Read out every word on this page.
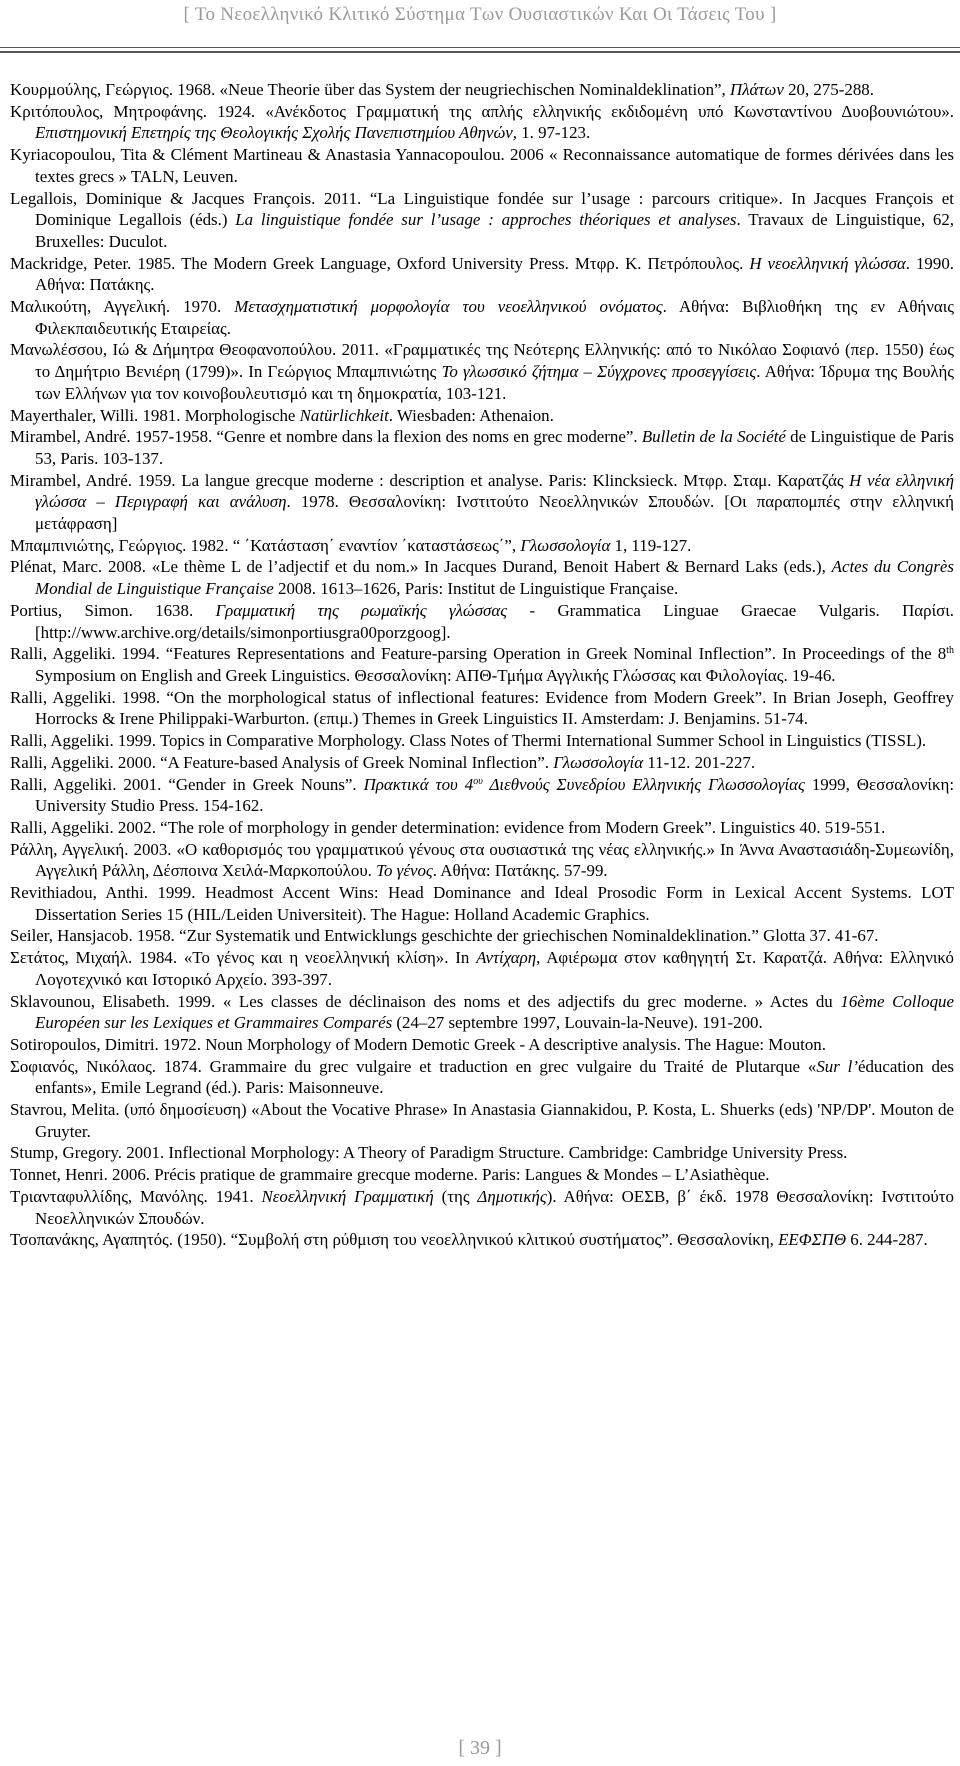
[ Το Νεοελληνικό Κλιτικό Σύστημα Των Ουσιαστικών Και Οι Τάσεις Του ]

Κουρμούλης, Γεώργιος. 1968. «Neue Theorie über das System der neugriechischen Nominaldeklination”, Πλάτων 20, 275-288.

Κριτόπουλος, Μητροφάνης. 1924. «Ανέκδοτος Γραμματική της απλής ελληνικής εκδιδομένη υπό Κωνσταντίνου Δυοβουνιώτου». Επιστημονική Επετηρίς της Θεολογικής Σχολής Πανεπιστημίου Αθηνών, 1. 97-123.

Kyriacopoulou, Tita & Clément Martineau & Anastasia Yannacopoulou. 2006 « Reconnaissance automatique de formes dérivées dans les textes grecs » TALN, Leuven.

Legallois, Dominique & Jacques François. 2011. “La Linguistique fondée sur l’usage : parcours critique». In Jacques François et Dominique Legallois (éds.) La linguistique fondée sur l’usage : approches théoriques et analyses. Travaux de Linguistique, 62, Bruxelles: Duculot.

Mackridge, Peter. 1985. The Modern Greek Language, Oxford University Press. Μτφρ. Κ. Πετρόπουλος. Η νεοελληνική γλώσσα. 1990. Αθήνα: Πατάκης.

Μαλικούτη, Αγγελική. 1970. Μετασχηματιστική μορφολογία του νεοελληνικού ονόματος. Αθήνα: Βιβλιοθήκη της εν Αθήναις Φιλεκπαιδευτικής Εταιρείας.

Μανωλέσσου, Ιώ & Δήμητρα Θεοφανοπούλου. 2011. «Γραμματικές της Νεότερης Ελληνικής: από το Νικόλαο Σοφιανό (περ. 1550) έως το Δημήτριο Βενιέρη (1799)». In Γεώργιος Μπαμπινιώτης Το γλωσσικό ζήτημα – Σύγχρονες προσεγγίσεις. Αθήνα: Ίδρυμα της Βουλής των Ελλήνων για τον κοινοβουλευτισμό και τη δημοκρατία, 103-121.

Mayerthaler, Willi. 1981. Morphologische Natürlichkeit. Wiesbaden: Athenaion.

Mirambel, André. 1957-1958. “Genre et nombre dans la flexion des noms en grec moderne”. Bulletin de la Société de Linguistique de Paris 53, Paris. 103-137.

Mirambel, André. 1959. La langue grecque moderne : description et analyse. Paris: Klincksieck. Μτφρ. Σταμ. Καρατζάς Η νέα ελληνική γλώσσα – Περιγραφή και ανάλυση. 1978. Θεσσαλονίκη: Ινστιτούτο Νεοελληνικών Σπουδών. [Οι παραπομπές στην ελληνική μετάφραση]

Μπαμπινιώτης, Γεώργιος. 1982. “ ΄Κατάσταση΄ εναντίον ΄καταστάσεως΄”, Γλωσσολογία 1, 119-127.

Plénat, Marc. 2008. «Le thème L de l’adjectif et du nom.» In Jacques Durand, Benoit Habert & Bernard Laks (eds.), Actes du Congrès Mondial de Linguistique Française 2008. 1613–1626, Paris: Institut de Linguistique Française.

Portius, Simon. 1638. Γραμματική της ρωμαϊκής γλώσσας - Grammatica Linguae Graecae Vulgaris. Παρίσι. [http://www.archive.org/details/simonportiusgra00porzgoog].

Ralli, Aggeliki. 1994. “Features Representations and Feature-parsing Operation in Greek Nominal Inflection”. In Proceedings of the 8th Symposium on English and Greek Linguistics. Θεσσαλονίκη: ΑΠΘ-Τμήμα Αγγλικής Γλώσσας και Φιλολογίας. 19-46.

Ralli, Aggeliki. 1998. “On the morphological status of inflectional features: Evidence from Modern Greek”. In Brian Joseph, Geoffrey Horrocks & Irene Philippaki-Warburton. (επιμ.) Themes in Greek Linguistics II. Amsterdam: J. Benjamins. 51-74.

Ralli, Aggeliki. 1999. Topics in Comparative Morphology. Class Notes of Thermi International Summer School in Linguistics (TISSL).

Ralli, Aggeliki. 2000. “A Feature-based Analysis of Greek Nominal Inflection”. Γλωσσολογία 11-12. 201-227.

Ralli, Aggeliki. 2001. “Gender in Greek Nouns”. Πρακτικά του $4^{o\upsilon}$ Διεθνούς Συνεδρίου Ελληνικής Γλωσσολογίας 1999, Θεσσαλονίκη: University Studio Press. 154-162.

Ralli, Aggeliki. 2002. “The role of morphology in gender determination: evidence from Modern Greek”. Linguistics 40. 519-551.

Ράλλη, Αγγελική. 2003. «Ο καθορισμός του γραμματικού γένους στα ουσιαστικά της νέας ελληνικής.» In Άννα Αναστασιάδη-Συμεωνίδη, Αγγελική Ράλλη, Δέσποινα Χειλά-Μαρκοπούλου. Το γένος. Αθήνα: Πατάκης. 57-99.

Revithiadou, Anthi. 1999. Headmost Accent Wins: Head Dominance and Ideal Prosodic Form in Lexical Accent Systems. LOT Dissertation Series 15 (HIL/Leiden Universiteit). The Hague: Holland Academic Graphics.

Seiler, Hansjacob. 1958. “Zur Systematik und Entwicklungs geschichte der griechischen Nominaldeklination.” Glotta 37. 41-67.

Σετάτος, Μιχαήλ. 1984. «Το γένος και η νεοελληνική κλίση». In Αντίχαρη, Αφιέρωμα στον καθηγητή Στ. Καρατζά. Αθήνα: Ελληνικό Λογοτεχνικό και Ιστορικό Αρχείο. 393-397.

Sklavounou, Elisabeth. 1999. « Les classes de déclinaison des noms et des adjectifs du grec moderne. » Actes du 16ème Colloque Européen sur les Lexiques et Grammaires Comparés (24–27 septembre 1997, Louvain-la-Neuve). 191-200.

Sotiropoulos, Dimitri. 1972. Noun Morphology of Modern Demotic Greek - A descriptive analysis. The Hague: Mouton.

Σοφιανός, Νικόλαος. 1874. Grammaire du grec vulgaire et traduction en grec vulgaire du Traité de Plutarque «Sur l’éducation des enfants», Emile Legrand (éd.). Paris: Maisonneuve.

Stavrou, Melita. (υπό δημοσίευση) «About the Vocative Phrase» In Anastasia Giannakidou, P. Kosta, L. Shuerks (eds) 'NP/DP'. Mouton de Gruyter.

Stump, Gregory. 2001. Inflectional Morphology: A Theory of Paradigm Structure. Cambridge: Cambridge University Press.

Tonnet, Henri. 2006. Précis pratique de grammaire grecque moderne. Paris: Langues & Mondes – L’Asiathèque.

Τριανταφυλλίδης, Μανόλης. 1941. Νεοελληνική Γραμματική (της Δημοτικής). Αθήνα: ΟΕΣΒ, β΄ έκδ. 1978 Θεσσαλονίκη: Ινστιτούτο Νεοελληνικών Σπουδών.

Τσοπανάκης, Αγαπητός. (1950). “Συμβολή στη ρύθμιση του νεοελληνικού κλιτικού συστήματος”. Θεσσαλονίκη, ΕΕΦΣΠΘ 6. 244-287.

[ 39 ]
